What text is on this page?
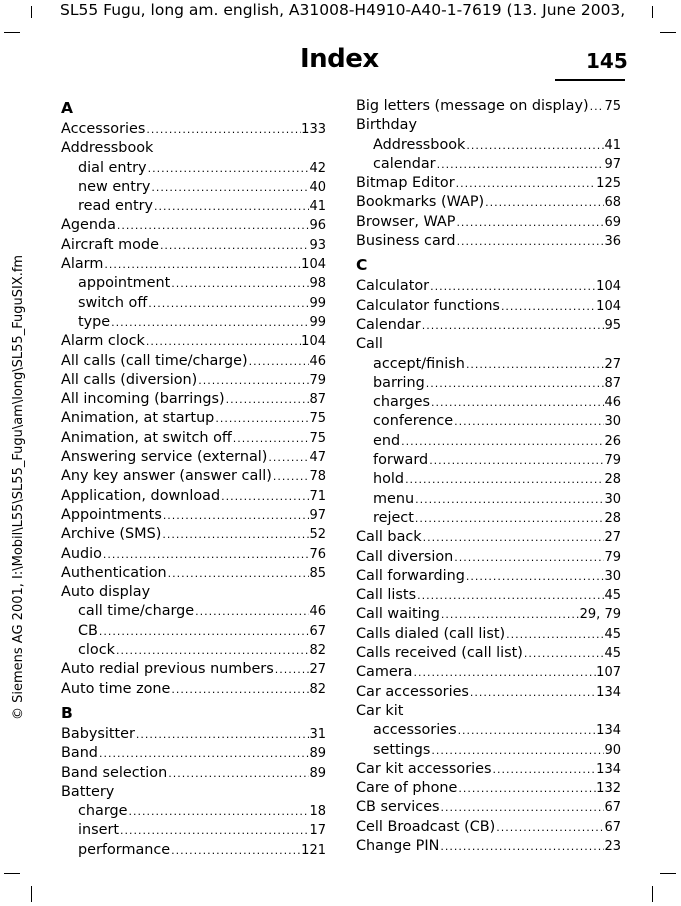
SL55 Fugu, long am. english, A31008-H4910-A40-1-7619 (13. June 2003,
Index	145
© Siemens AG 2001, I:\Mobil\L55\SL55_Fugu\am\long\SL55_FuguSIX.fm
A
Accessories .....	133
Addressbook
dial entry .....	42
new entry .....	40
read entry .....	41
Agenda .....	96
Aircraft mode .....	93
Alarm .....	104
appointment .....	98
switch off .....	99
type .....	99
Alarm clock .....	104
All calls (call time/charge) .....	46
All calls (diversion) .....	79
All incoming (barrings) .....	87
Animation, at startup .....	75
Animation, at switch off .....	75
Answering service (external) .....	47
Any key answer (answer call) .....	78
Application, download .....	71
Appointments .....	97
Archive (SMS) .....	52
Audio .....	76
Authentication .....	85
Auto display
call time/charge .....	46
CB .....	67
clock .....	82
Auto redial previous numbers .....	27
Auto time zone .....	82
B
Babysitter .....	31
Band .....	89
Band selection .....	89
Battery
charge .....	18
insert .....	17
performance .....	121
Big letters (message on display) ..... 75
Birthday
Addressbook .....	41
calendar .....	97
Bitmap Editor .....	125
Bookmarks (WAP) .....	68
Browser, WAP .....	69
Business card .....	36
C
Calculator .....	104
Calculator functions .....	104
Calendar .....	95
Call
accept/finish .....	27
barring .....	87
charges .....	46
conference .....	30
end .....	26
forward .....	79
hold .....	28
menu .....	30
reject .....	28
Call back .....	27
Call diversion .....	79
Call forwarding .....	30
Call lists .....	45
Call waiting .....	29, 79
Calls dialed (call list) .....	45
Calls received (call list) .....	45
Camera .....	107
Car accessories .....	134
Car kit
accessories .....	134
settings .....	90
Car kit accessories .....	134
Care of phone .....	132
CB services .....	67
Cell Broadcast (CB) .....	67
Change PIN .....	23
